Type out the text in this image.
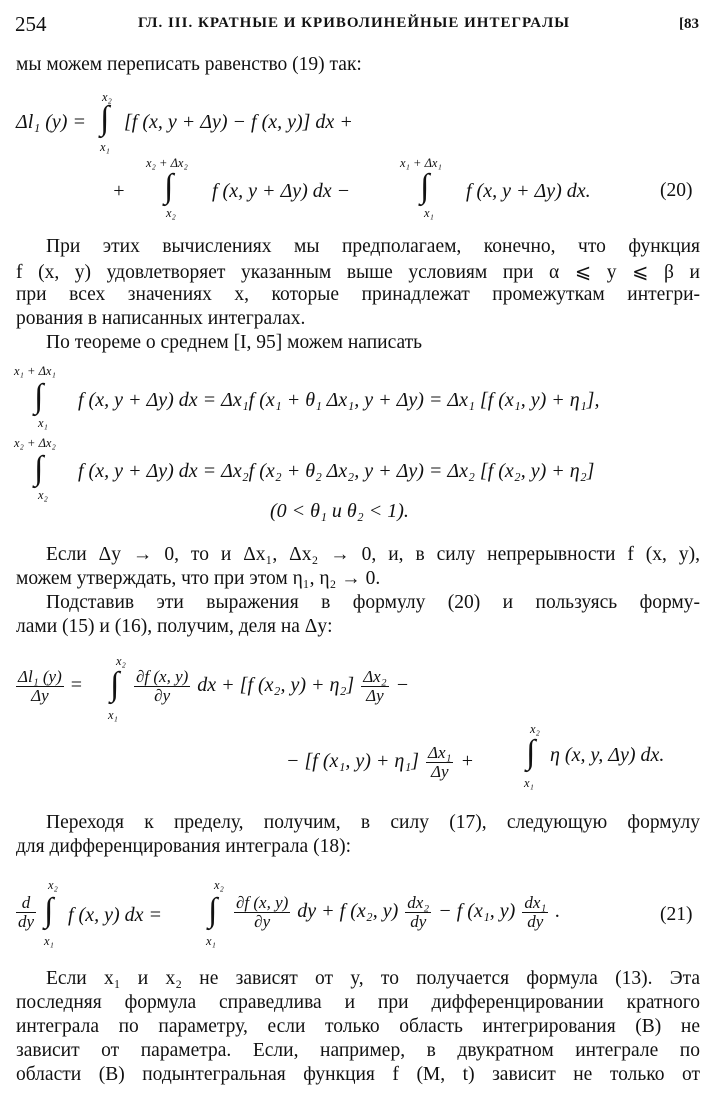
254	ГЛ. III. КРАТНЫЕ И КРИВОЛИНЕЙНЫЕ ИНТЕГРАЛЫ	[83
мы можем переписать равенство (19) так:
Δl₁ (y) = ∫
x₂
x₁
[f (x, y + Δy) − f (x, y)] dx +
+
x₂ + Δx₂
∫
x₂
f (x, y + Δy) dx −
x₁ + Δx₁
∫
x₁
f (x, y + Δy) dx.	(20)
При этих вычислениях мы предполагаем, конечно, что функция
f (x, y) удовлетворяет указанным выше условиям при α ⩽ y ⩽ β и
при всех значениях x, которые принадлежат промежуткам интегри-
рования в написанных интегралах.
По теореме о среднем [I, 95] можем написать
x₁ + Δx₁
∫
x₁
f (x, y + Δy) dx = Δx₁f (x₁ + θ₁ Δx₁, y + Δy) = Δx₁ [f (x₁, y) + η₁],
x₂ + Δx₂
∫
x₂
f (x, y + Δy) dx = Δx₂f (x₂ + θ₂ Δx₂, y + Δy) = Δx₂ [f (x₂, y) + η₂]
(0 < θ₁ и θ₂ < 1).
Если Δy → 0, то и Δx₁, Δx₂ → 0, и, в силу непрерывности f (x, y),
можем утверждать, что при этом η₁, η₂ → 0.
Подставив эти выражения в формулу (20) и пользуясь форму-
лами (15) и (16), получим, деля на Δy:
$\frac{\text{Δl₁ (y)}}{\Delta y}$ =
x₂
∫
x₁
$\frac{\partial f (x, y)}{\partial y}$ dx + [f (x₂, $y) + \eta_2] \frac{\text{Δx₂}}{\Delta y}$ −
− [f (x₁, $y) + \eta_1] \frac{\text{Δx₁}}{\Delta y}$ +
x₂
∫
x₁
η (x, y, Δy) dx.
Переходя к пределу, получим, в силу (17), следующую формулу
для дифференцирования интеграла (18):
$\frac{d}{dy}$
x₂
∫
x₁
f (x, y) dx =
x₂
∫
x₁
$\frac{\partial f (x, y)}{\partial y}$ dy + f (x₂, $y) \frac{\text{dx₂}}{dy} - f$ (x₁, $y) \frac{\text{dx₁}}{dy}$ .	(21)
Если x₁ и x₂ не зависят от y, то получается формула (13). Эта
последняя формула справедлива и при дифференцировании кратного
интеграла по параметру, если только область интегрирования (B) не
зависит от параметра. Если, например, в двукратном интеграле по
области (B) подынтегральная функция f (M, t) зависит не только от
